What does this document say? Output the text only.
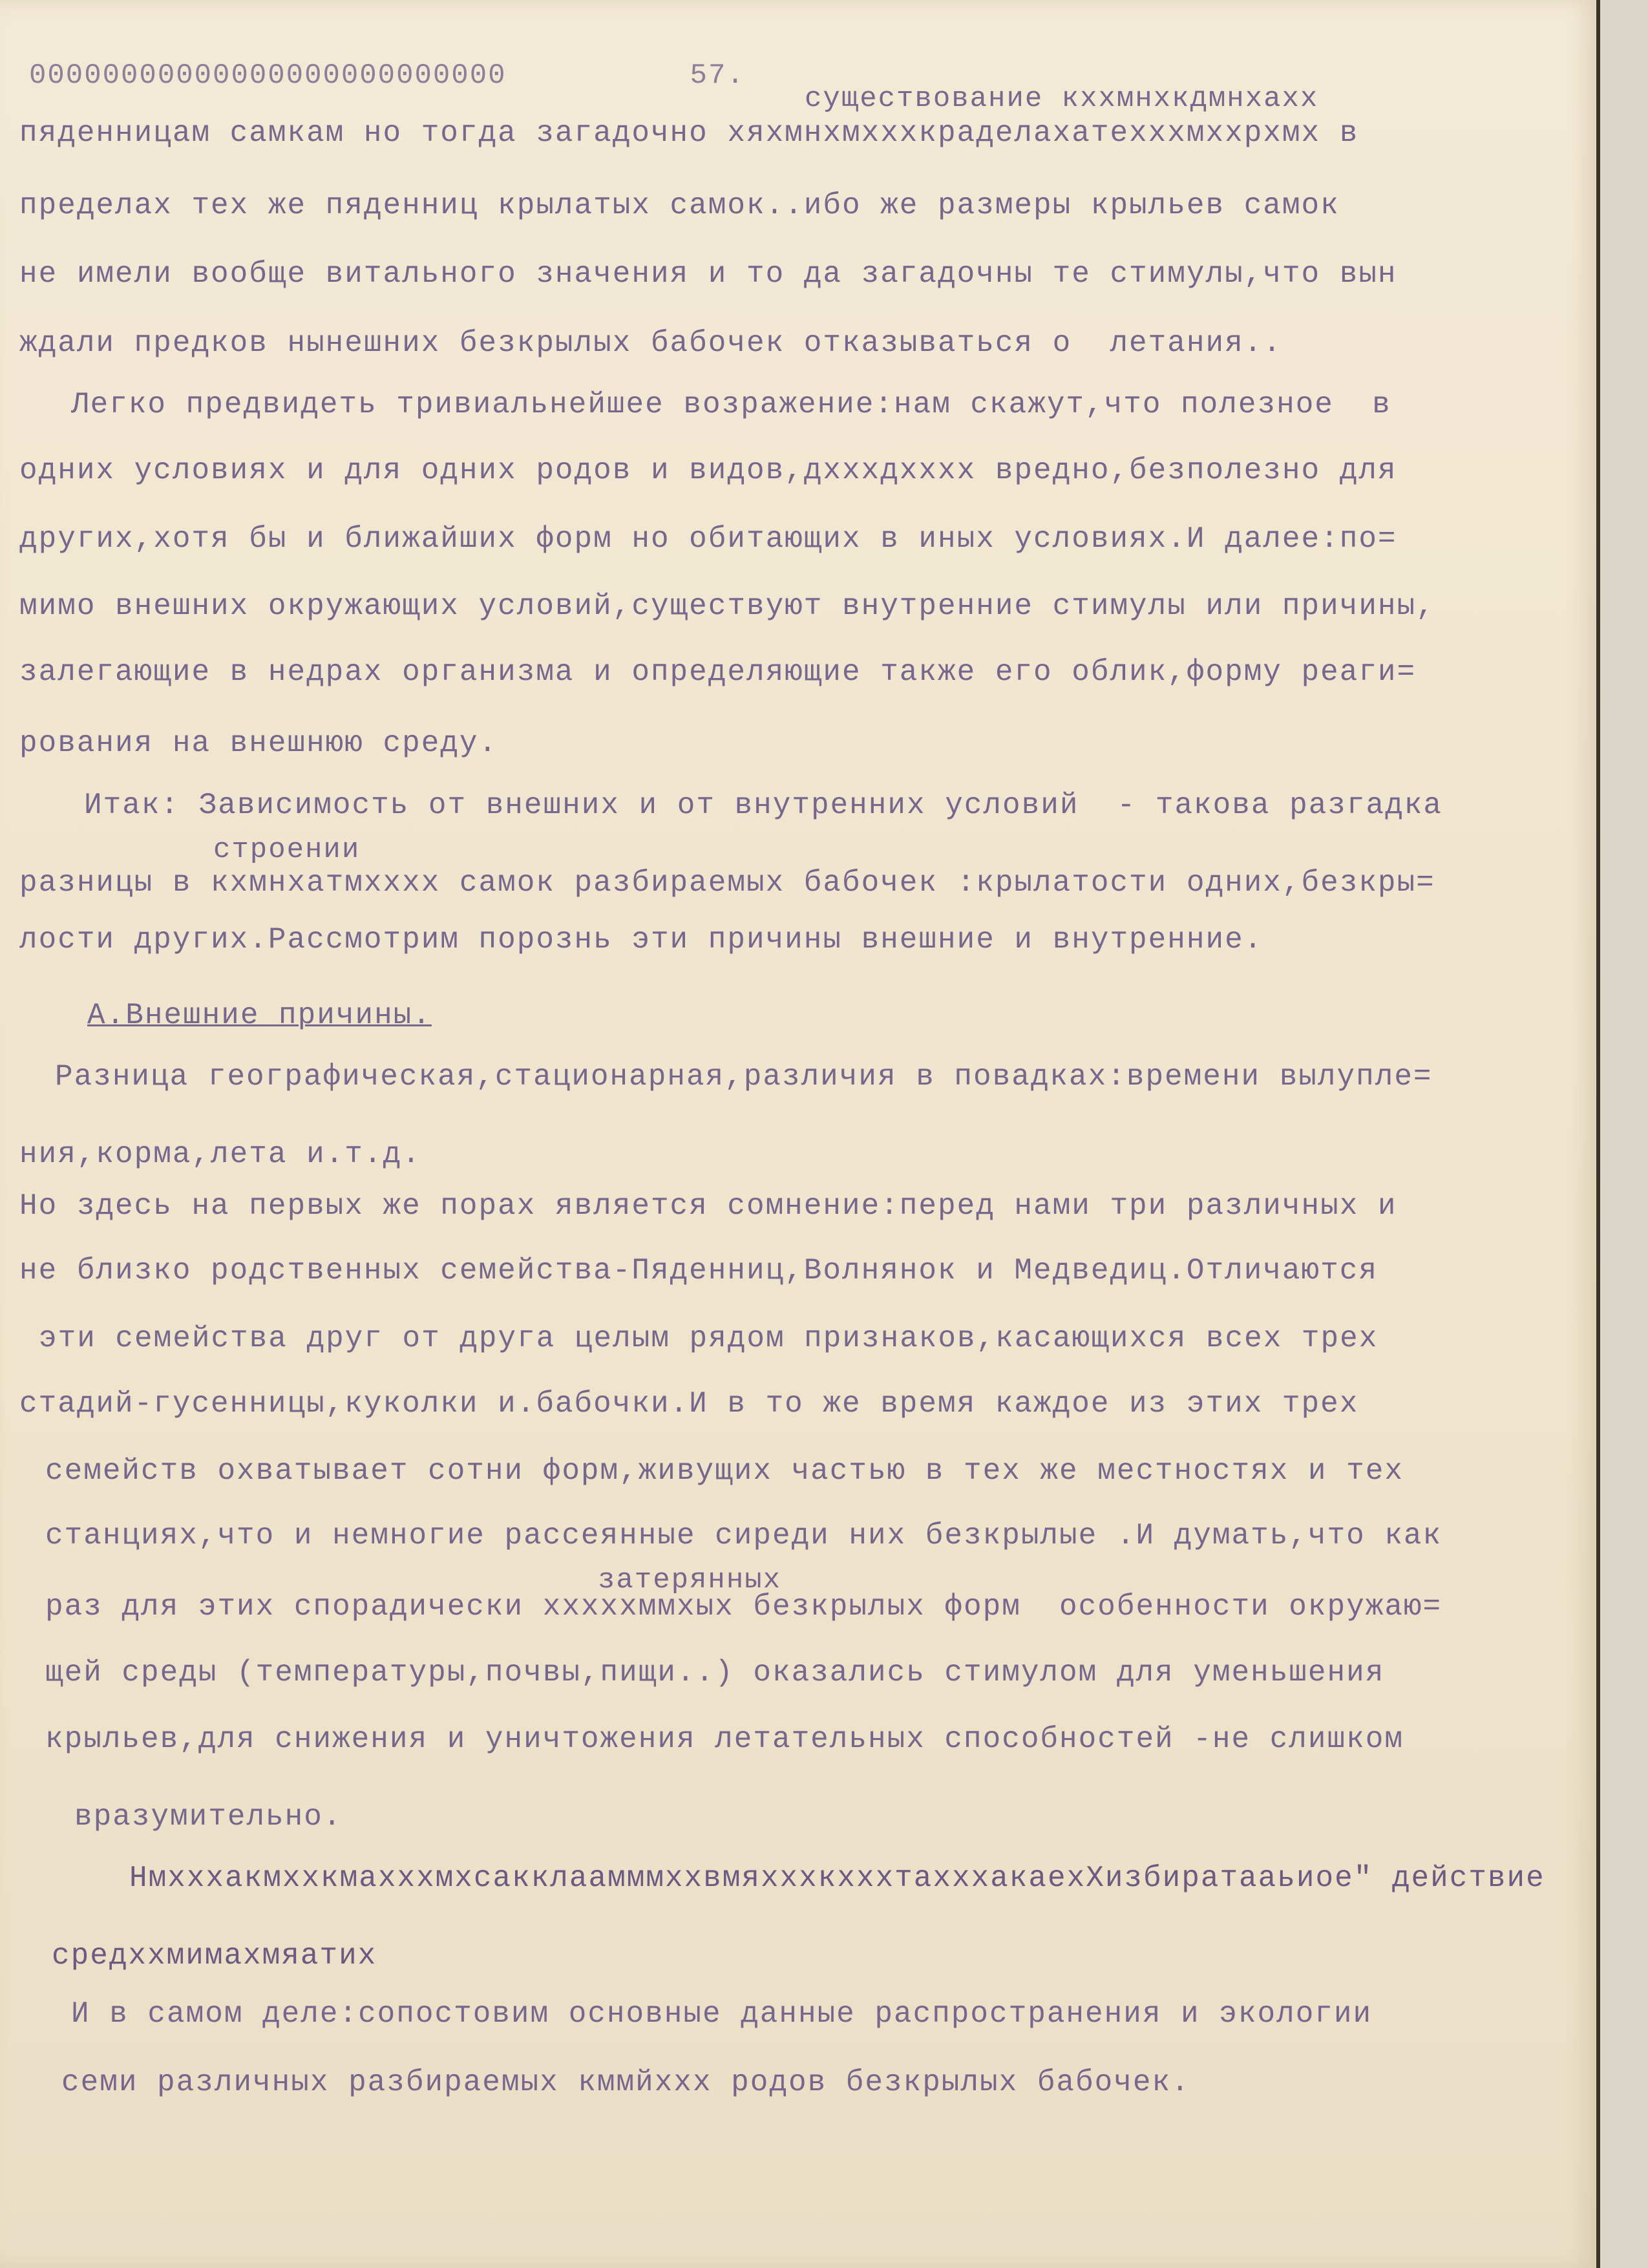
00000000000000000000000000          57.
существование кххмнхкдмнхахх
пяденницам самкам но тогда загадочно хяхмнхмхххкраделахатехххмххрхмх в
пределах тех же пяденниц крылатых самок..ибо же размеры крыльев самок
не имели вообще витального значения и то да загадочны те стимулы,что вын
ждали предков нынешних безкрылых бабочек отказываться о  летания..
Легко предвидеть тривиальнейшее возражение:нам скажут,что полезное  в
одних условиях и для одних родов и видов,дхххдхххх вредно,безполезно для
других,хотя бы и ближайших форм но обитающих в иных условиях.И далее:по=
мимо внешних окружающих условий,существуют внутренние стимулы или причины,
залегающие в недрах организма и определяющие также его облик,форму реаги=
рования на внешнюю среду.
Итак: Зависимость от внешних и от внутренних условий  - такова разгадка
строении
разницы в кхмнхатмхххх самок разбираемых бабочек :крылатости одних,безкры=
лости других.Рассмотрим порознь эти причины внешние и внутренние.
А.Внешние причины.
Разница географическая,стационарная,различия в повадках:времени вылупле=
ния,корма,лета и.т.д.
Но здесь на первых же порах является сомнение:перед нами три различных и
не близко родственных семейства-Пяденниц,Волнянок и Медведиц.Отличаются
эти семейства друг от друга целым рядом признаков,касающихся всех трех
стадий-гусенницы,куколки и.бабочки.И в то же время каждое из этих трех
семейств охватывает сотни форм,живущих частью в тех же местностях и тех
станциях,что и немногие рассеянные сиреди них безкрылые .И думать,что как
затерянных
раз для этих спорадически хххххммхых безкрылых форм  особенности окружаю=
щей среды (температуры,почвы,пищи..) оказались стимулом для уменьшения
крыльев,для снижения и уничтожения летательных способностей -не слишком
вразумительно.
НмхххакмххкмахххмхсакклаамммххвмяхххкхххтахххакаехХизбиратааьиое" действие
средххмимахмяатих
И в самом деле:сопостовим основные данные распространения и экологии
семи различных разбираемых кммйххх родов безкрылых бабочек.
